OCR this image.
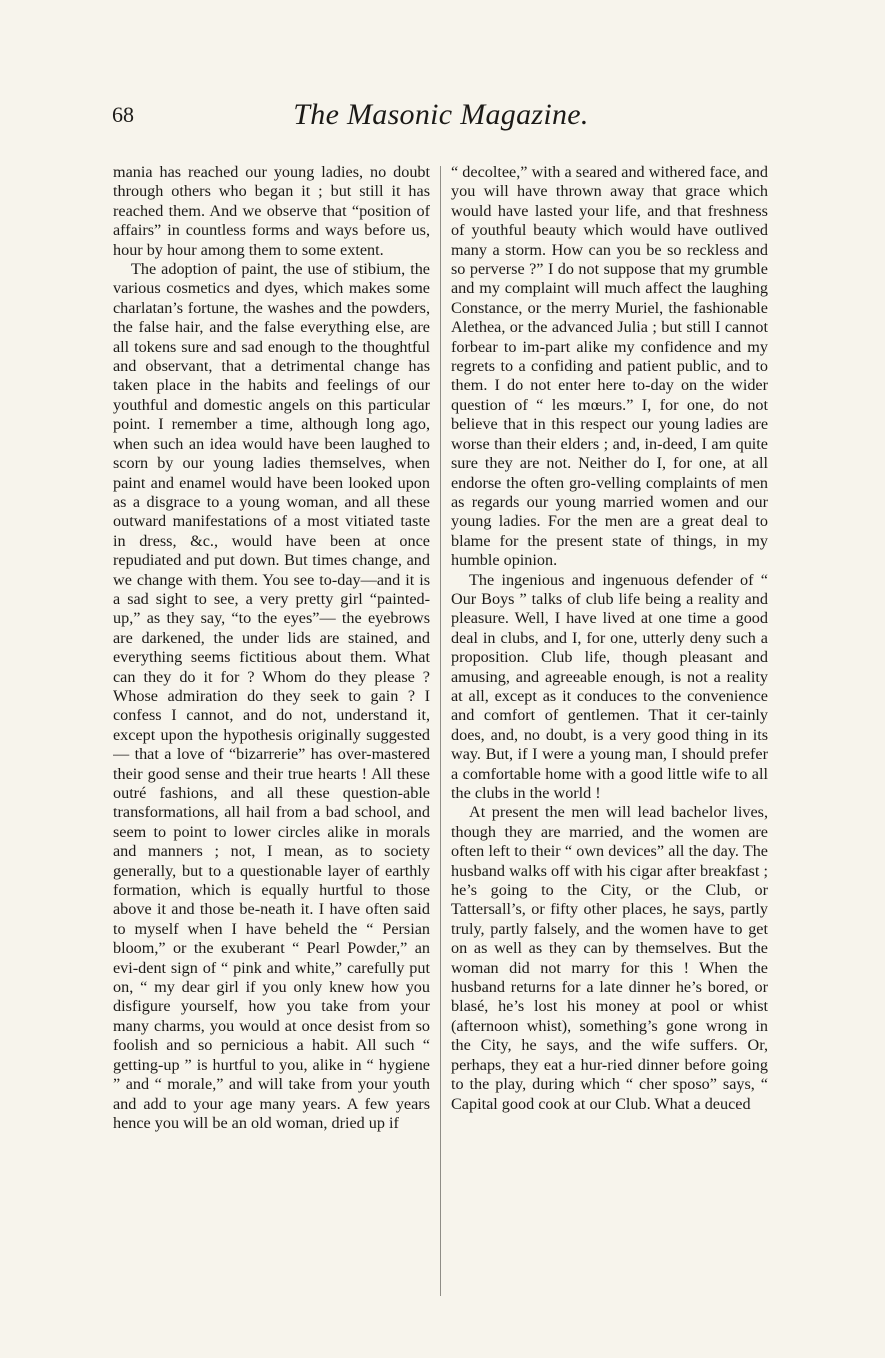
68	The Masonic Magazine.

mania has reached our young ladies, no doubt through others who began it ; but still it has reached them. And we observe that “position of affairs” in countless forms and ways before us, hour by hour among them to some extent.

The adoption of paint, the use of stibium, the various cosmetics and dyes, which makes some charlatan’s fortune, the washes and the powders, the false hair, and the false everything else, are all tokens sure and sad enough to the thoughtful and observant, that a detrimental change has taken place in the habits and feelings of our youthful and domestic angels on this particular point. I remember a time, although long ago, when such an idea would have been laughed to scorn by our young ladies themselves, when paint and enamel would have been looked upon as a disgrace to a young woman, and all these outward manifestations of a most vitiated taste in dress, &c., would have been at once repudiated and put down. But times change, and we change with them. You see to-day—and it is a sad sight to see, a very pretty girl “painted-up,” as they say, “to the eyes”— the eyebrows are darkened, the under lids are stained, and everything seems fictitious about them. What can they do it for ? Whom do they please ? Whose admiration do they seek to gain ? I confess I cannot, and do not, understand it, except upon the hypothesis originally suggested— that a love of “bizarrerie” has over-mastered their good sense and their true hearts ! All these outré fashions, and all these question-able transformations, all hail from a bad school, and seem to point to lower circles alike in morals and manners ; not, I mean, as to society generally, but to a questionable layer of earthly formation, which is equally hurtful to those above it and those be-neath it. I have often said to myself when I have beheld the “ Persian bloom,” or the exuberant “ Pearl Powder,” an evi-dent sign of “ pink and white,” carefully put on, “ my dear girl if you only knew how you disfigure yourself, how you take from your many charms, you would at once desist from so foolish and so pernicious a habit. All such “ getting-up ” is hurtful to you, alike in “ hygiene ” and “ morale,” and will take from your youth and add to your age many years. A few years hence you will be an old woman, dried up if

“ decoltee,” with a seared and withered face, and you will have thrown away that grace which would have lasted your life, and that freshness of youthful beauty which would have outlived many a storm. How can you be so reckless and so perverse ?” I do not suppose that my grumble and my complaint will much affect the laughing Constance, or the merry Muriel, the fashionable Alethea, or the advanced Julia ; but still I cannot forbear to im-part alike my confidence and my regrets to a confiding and patient public, and to them. I do not enter here to-day on the wider question of “ les mœurs.” I, for one, do not believe that in this respect our young ladies are worse than their elders ; and, in-deed, I am quite sure they are not. Neither do I, for one, at all endorse the often gro-velling complaints of men as regards our young married women and our young ladies. For the men are a great deal to blame for the present state of things, in my humble opinion.

The ingenious and ingenuous defender of “ Our Boys ” talks of club life being a reality and pleasure. Well, I have lived at one time a good deal in clubs, and I, for one, utterly deny such a proposition. Club life, though pleasant and amusing, and agreeable enough, is not a reality at all, except as it conduces to the convenience and comfort of gentlemen. That it cer-tainly does, and, no doubt, is a very good thing in its way. But, if I were a young man, I should prefer a comfortable home with a good little wife to all the clubs in the world !

At present the men will lead bachelor lives, though they are married, and the women are often left to their “ own devices” all the day. The husband walks off with his cigar after breakfast ; he’s going to the City, or the Club, or Tattersall’s, or fifty other places, he says, partly truly, partly falsely, and the women have to get on as well as they can by themselves. But the woman did not marry for this ! When the husband returns for a late dinner he’s bored, or blasé, he’s lost his money at pool or whist (afternoon whist), something’s gone wrong in the City, he says, and the wife suffers. Or, perhaps, they eat a hur-ried dinner before going to the play, during which “ cher sposo” says, “ Capital good cook at our Club. What a deuced
